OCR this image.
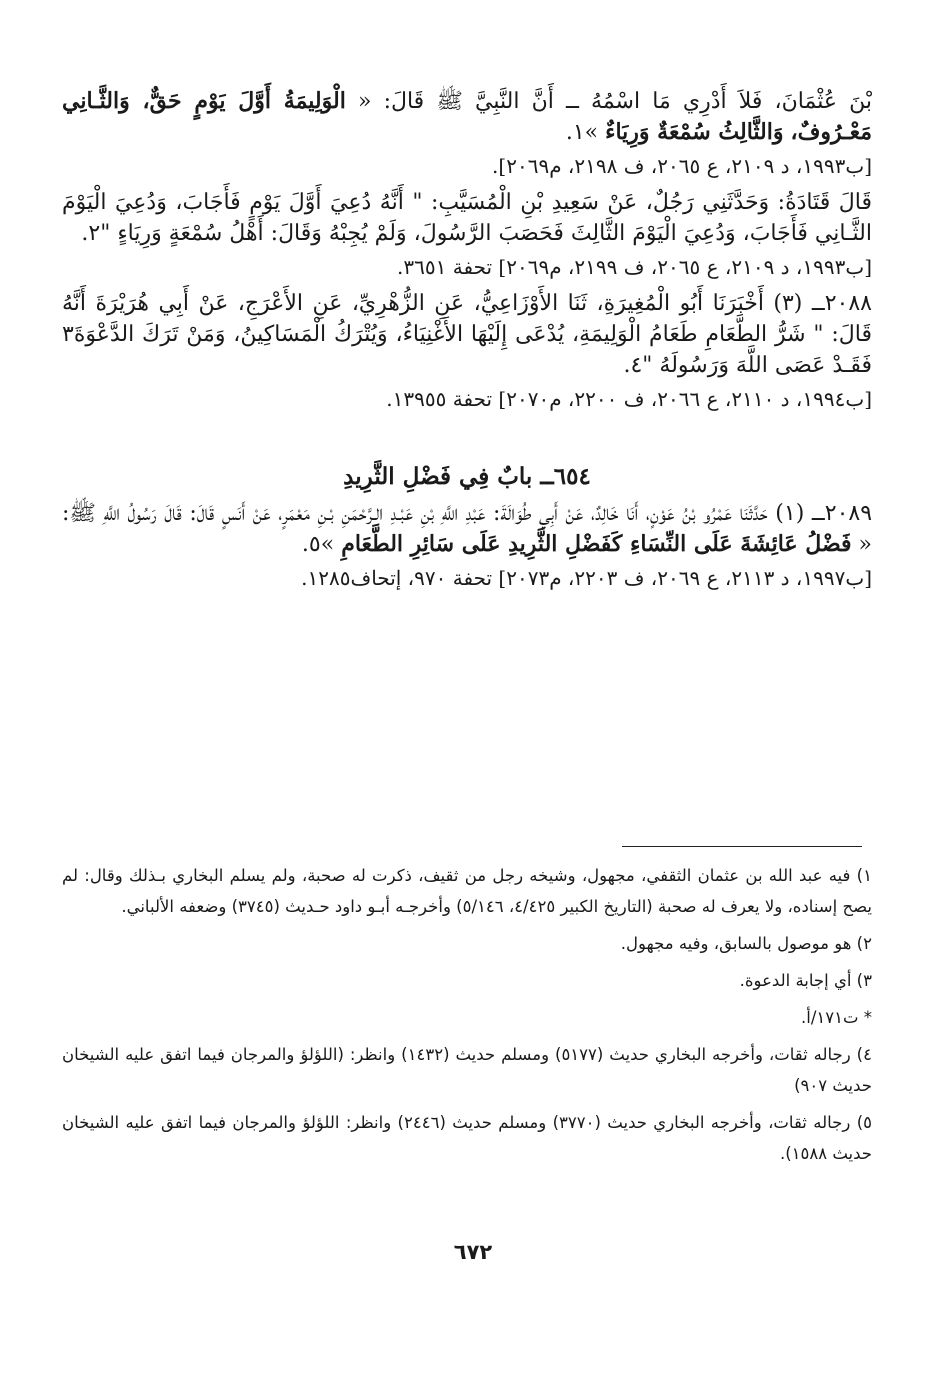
بْنَ عُثْمَانَ، فَلاَ أَدْرِي مَا اسْمُهُ ــ أَنَّ النَّبِيَّ ﷺ قَالَ: « الْوَلِيمَةُ أَوَّلَ يَوْمٍ حَقٌّ، وَالثَّـانِي مَعْـرُوفٌ، وَالثَّالِثُ سُمْعَةٌ وَرِيَاءٌ »١.

[ب١٩٩٣، د ٢١٠٩، ع ٢٠٦٥، ف ٢١٩٨، م٢٠٦٩].

قَالَ قَتَادَةُ: وَحَدَّثَنِي رَجُلٌ، عَنْ سَعِيدِ بْنِ الْمُسَيَّبِ: " أَنَّهُ دُعِيَ أَوَّلَ يَوْمٍ فَأَجَابَ، وَدُعِيَ الْيَوْمَ الثَّـانِي فَأَجَابَ، وَدُعِيَ الْيَوْمَ الثَّالِثَ فَحَصَبَ الرَّسُولَ، وَلَمْ يُجِبْهُ وَقَالَ: أَهْلُ سُمْعَةٍ وَرِيَاءٍ "٢.

[ب١٩٩٣، د ٢١٠٩، ع ٢٠٦٥، ف ٢١٩٩، م٢٠٦٩] تحفة ٣٦٥١.

٢٠٨٨ــ (٣) أَخْبَرَنَا أَبُو الْمُغِيرَةِ، ثَنَا الأَوْزَاعِيُّ، عَنِ الزُّهْرِيِّ، عَنِ الأَعْرَجِ، عَنْ أَبِي هُرَيْرَةَ أَنَّهُ قَالَ: " شَرُّ الطَّعَامِ طَعَامُ الْوَلِيمَةِ، يُدْعَى إِلَيْهَا الأَغْنِيَاءُ، وَيُتْرَكُ الْمَسَاكِينُ، وَمَنْ تَرَكَ الدَّعْوَةَ٣ فَقَـدْ عَصَى اللَّهَ وَرَسُولَهُ "٤.

[ب١٩٩٤، د ٢١١٠، ع ٢٠٦٦، ف ٢٢٠٠، م٢٠٧٠] تحفة ١٣٩٥٥.

٦٥٤ــ بابٌ فِي فَضْلِ الثَّرِيدِ

٢٠٨٩ــ (١) حَدَّثَنَا عَمْرُو بْنُ عَوْنٍ، أَنَا خَالِدٌ، عَنْ أَبِي طُوَالَةَ: عَبْدِ اللَّهِ بْنِ عَبْـدِ الـرَّحْمَنِ بْـنِ مَعْمَرٍ، عَنْ أَنَسٍ قَالَ: قَالَ رَسُولُ اللَّهِ ﷺ: « فَضْلُ عَائِشَةَ عَلَى النِّسَاءِ كَفَضْلِ الثَّرِيدِ عَلَى سَائِرِ الطَّعَامِ »٥.

[ب١٩٩٧، د ٢١١٣، ع ٢٠٦٩، ف ٢٢٠٣، م٢٠٧٣] تحفة ٩٧٠، إتحاف١٢٨٥.

١) فيه عبد الله بن عثمان الثقفي، مجهول، وشيخه رجل من ثقيف، ذكرت له صحبة، ولم يسلم البخاري بـذلك وقال: لم يصح إسناده، ولا يعرف له صحبة (التاريخ الكبير ٤/٤٢٥، ٥/١٤٦) وأخرجـه أبـو داود حـديث (٣٧٤٥) وضعفه الألباني.

٢) هو موصول بالسابق، وفيه مجهول.

٣) أي إجابة الدعوة.

* ت١٧١/أ.

٤) رجاله ثقات، وأخرجه البخاري حديث (٥١٧٧) ومسلم حديث (١٤٣٢) وانظر: (اللؤلؤ والمرجان فيما اتفق عليه الشيخان حديث ٩٠٧)

٥) رجاله ثقات، وأخرجه البخاري حديث (٣٧٧٠) ومسلم حديث (٢٤٤٦) وانظر: اللؤلؤ والمرجان فيما اتفق عليه الشيخان حديث ١٥٨٨).

٦٧٢
